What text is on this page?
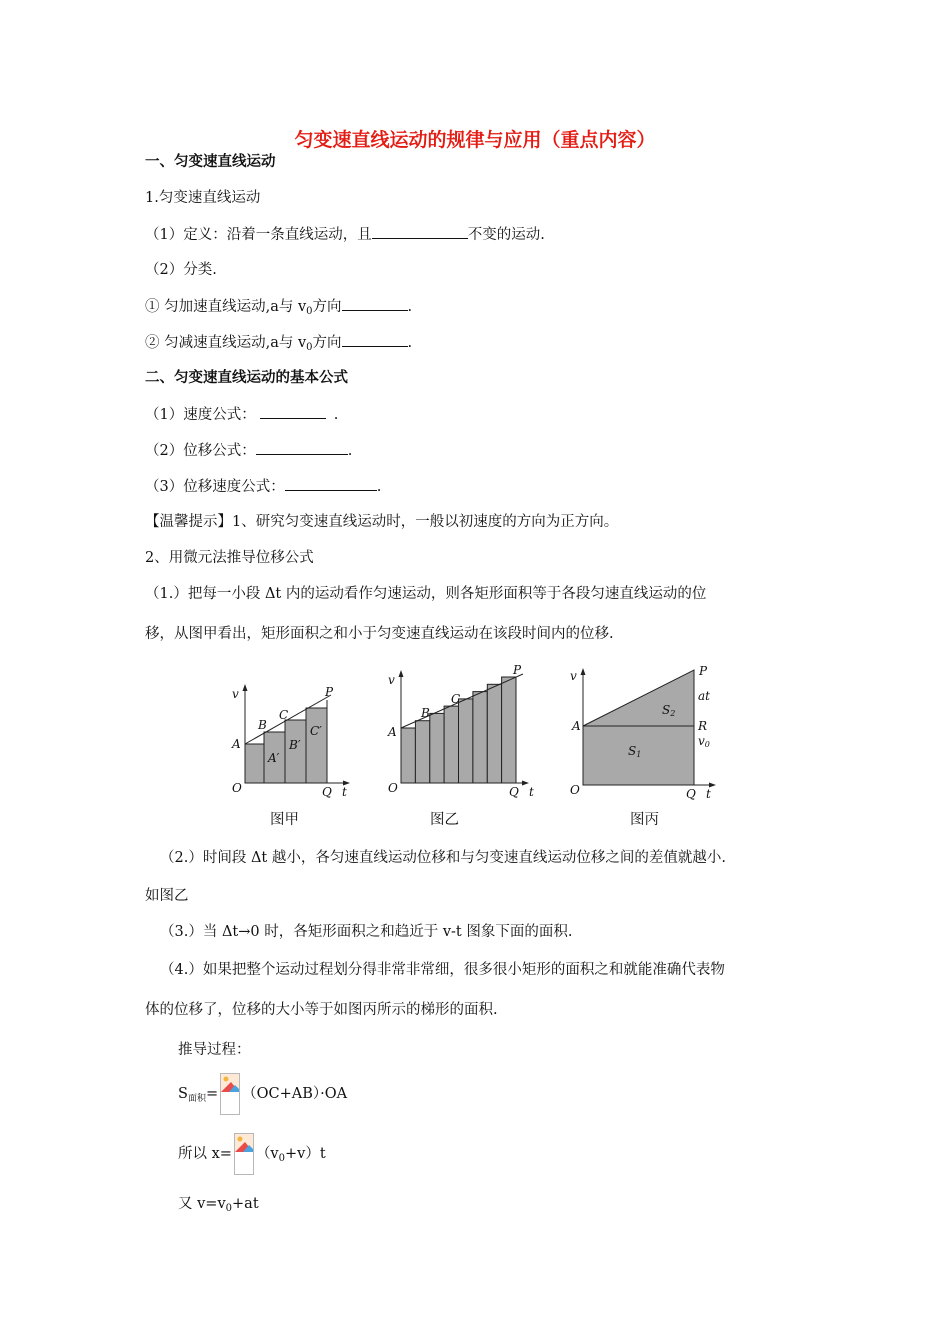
匀变速直线运动的规律与应用（重点内容）
一、匀变速直线运动
1.匀变速直线运动
（1）定义：沿着一条直线运动，且	不变的运动.
（2）分类.
① 匀加速直线运动,a与 $v_0$方向	.
② 匀减速直线运动,a与 $v_0$方向	.
二、匀变速直线运动的基本公式
（1）速度公式：	.
（2）位移公式：	.
（3）位移速度公式：	.
【温馨提示】1、研究匀变速直线运动时，一般以初速度的方向为正方向。
2、用微元法推导位移公式
（1.）把每一小段 Δt 内的运动看作匀速运动，则各矩形面积等于各段匀速直线运动的位
移，从图甲看出，矩形面积之和小于匀变速直线运动在该段时间内的位移.
v
A
B
C
P
A′
B′
C′
O	Q t
图甲
v
A
B
C
P
O	Q t
图乙
v
A
P
at
R
v0
S2
S1
O	Q t
图丙
（2.）时间段 Δt 越小，各匀速直线运动位移和与匀变速直线运动位移之间的差值就越小.
如图乙
（3.）当 Δt→0 时，各矩形面积之和趋近于 v-t 图象下面的面积.
（4.）如果把整个运动过程划分得非常非常细，很多很小矩形的面积之和就能准确代表物
体的位移了，位移的大小等于如图丙所示的梯形的面积.
推导过程：
$S_{面积}= (OC+AB)\cdot OA$
所以 $x= (v_0+v)t$
又 $v=v_0+at$
